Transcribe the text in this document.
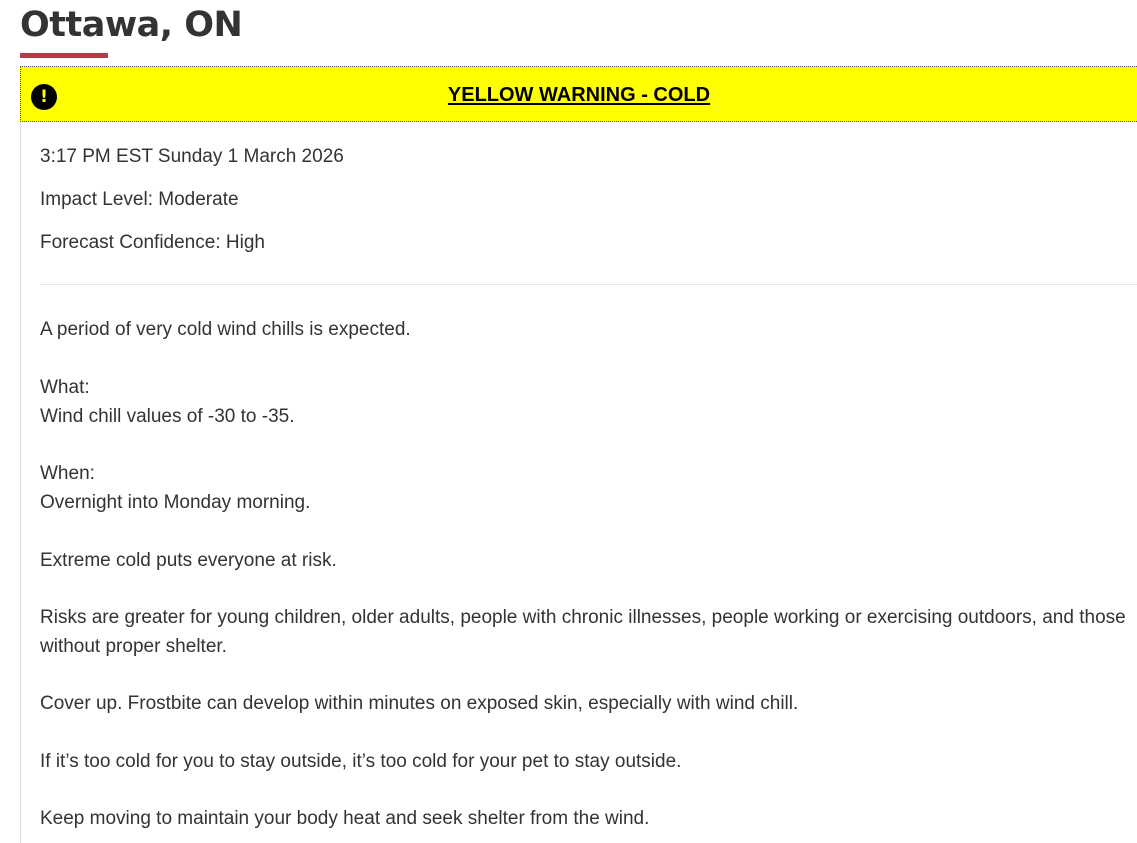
Ottawa, ON
!	YELLOW WARNING - COLD
3:17 PM EST Sunday 1 March 2026
Impact Level: Moderate
Forecast Confidence: High
A period of very cold wind chills is expected.
What:
Wind chill values of -30 to -35.
When:
Overnight into Monday morning.
Extreme cold puts everyone at risk.
Risks are greater for young children, older adults, people with chronic illnesses, people working or exercising outdoors, and those without proper shelter.
Cover up. Frostbite can develop within minutes on exposed skin, especially with wind chill.
If it’s too cold for you to stay outside, it’s too cold for your pet to stay outside.
Keep moving to maintain your body heat and seek shelter from the wind.
